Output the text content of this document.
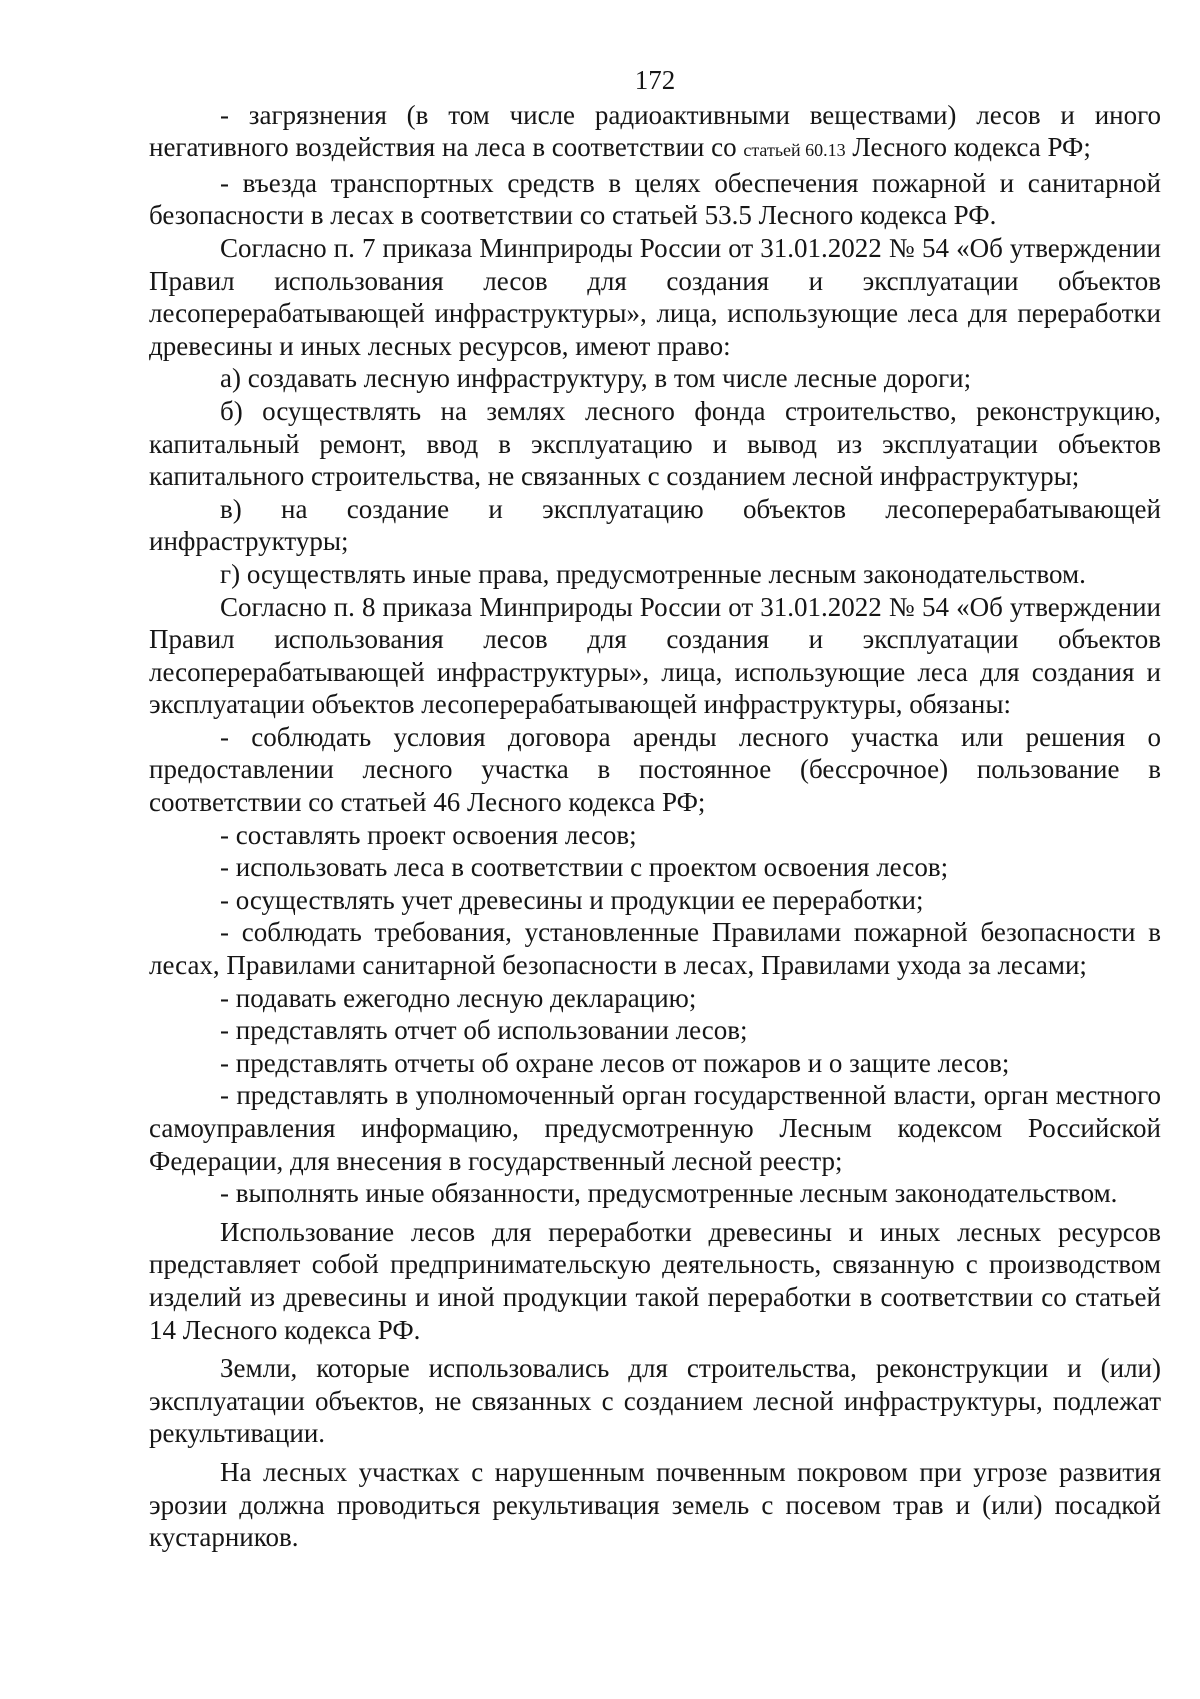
172

- загрязнения (в том числе радиоактивными веществами) лесов и иного негативного воздействия на леса в соответствии со статьей 60.13 Лесного кодекса РФ;

- въезда транспортных средств в целях обеспечения пожарной и санитарной безопасности в лесах в соответствии со статьей 53.5 Лесного кодекса РФ.

Согласно п. 7 приказа Минприроды России от 31.01.2022 № 54 «Об утверждении Правил использования лесов для создания и эксплуатации объектов лесоперерабатывающей инфраструктуры», лица, использующие леса для переработки древесины и иных лесных ресурсов, имеют право:

а) создавать лесную инфраструктуру, в том числе лесные дороги;

б) осуществлять на землях лесного фонда строительство, реконструкцию, капитальный ремонт, ввод в эксплуатацию и вывод из эксплуатации объектов капитального строительства, не связанных с созданием лесной инфраструктуры;

в) на создание и эксплуатацию объектов лесоперерабатывающей инфраструктуры;

г) осуществлять иные права, предусмотренные лесным законодательством.

Согласно п. 8 приказа Минприроды России от 31.01.2022 № 54 «Об утверждении Правил использования лесов для создания и эксплуатации объектов лесоперерабатывающей инфраструктуры», лица, использующие леса для создания и эксплуатации объектов лесоперерабатывающей инфраструктуры, обязаны:

- соблюдать условия договора аренды лесного участка или решения о предоставлении лесного участка в постоянное (бессрочное) пользование в соответствии со статьей 46 Лесного кодекса РФ;

- составлять проект освоения лесов;

- использовать леса в соответствии с проектом освоения лесов;

- осуществлять учет древесины и продукции ее переработки;

- соблюдать требования, установленные Правилами пожарной безопасности в лесах, Правилами санитарной безопасности в лесах, Правилами ухода за лесами;

- подавать ежегодно лесную декларацию;

- представлять отчет об использовании лесов;

- представлять отчеты об охране лесов от пожаров и о защите лесов;

- представлять в уполномоченный орган государственной власти, орган местного самоуправления информацию, предусмотренную Лесным кодексом Российской Федерации, для внесения в государственный лесной реестр;

- выполнять иные обязанности, предусмотренные лесным законодательством.

Использование лесов для переработки древесины и иных лесных ресурсов представляет собой предпринимательскую деятельность, связанную с производством изделий из древесины и иной продукции такой переработки в соответствии со статьей 14 Лесного кодекса РФ.

Земли, которые использовались для строительства, реконструкции и (или) эксплуатации объектов, не связанных с созданием лесной инфраструктуры, подлежат рекультивации.

На лесных участках с нарушенным почвенным покровом при угрозе развития эрозии должна проводиться рекультивация земель с посевом трав и (или) посадкой кустарников.
